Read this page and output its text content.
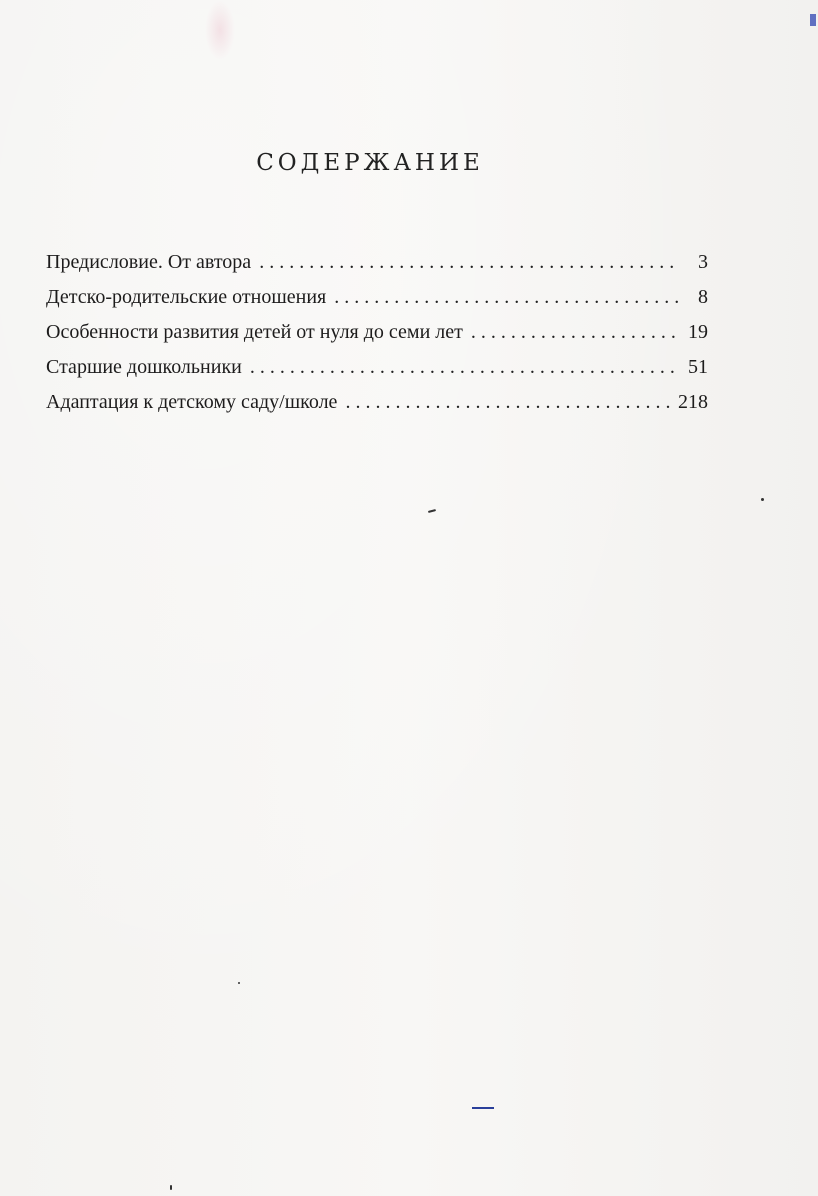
СОДЕРЖАНИЕ
Предисловие. От автора . . .	3
Детско-родительские отношения . . .	8
Особенности развития детей от нуля до семи лет . . .	19
Старшие дошкольники . . .	51
Адаптация к детскому саду/школе . . .	218
